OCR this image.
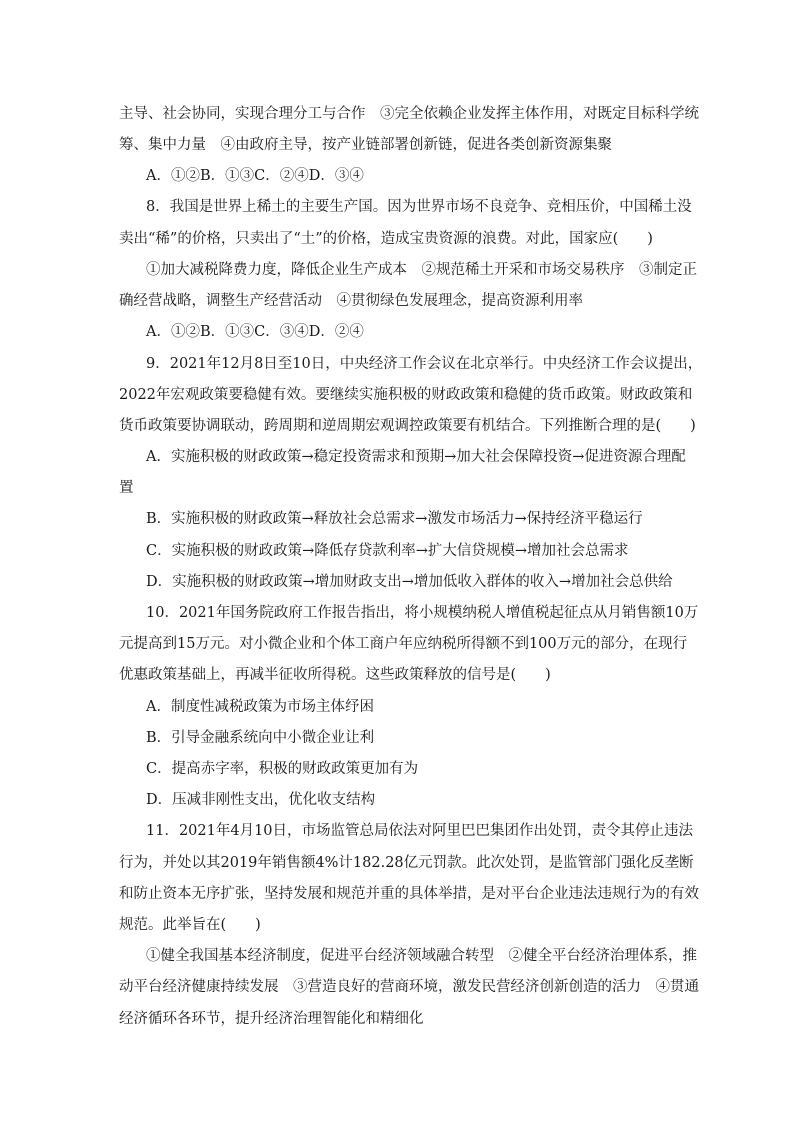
主导、社会协同，实现合理分工与合作　③完全依赖企业发挥主体作用，对既定目标科学统
筹、集中力量　④由政府主导，按产业链部署创新链，促进各类创新资源集聚
A．①②B．①③C．②④D．③④
8．我国是世界上稀土的主要生产国。因为世界市场不良竞争、竞相压价，中国稀土没
卖出“稀”的价格，只卖出了“土”的价格，造成宝贵资源的浪费。对此，国家应(　　)
①加大减税降费力度，降低企业生产成本　②规范稀土开采和市场交易秩序　③制定正
确经营战略，调整生产经营活动　④贯彻绿色发展理念，提高资源利用率
A．①②B．①③C．③④D．②④
9．2021年12月8日至10日，中央经济工作会议在北京举行。中央经济工作会议提出，
2022年宏观政策要稳健有效。要继续实施积极的财政政策和稳健的货币政策。财政政策和
货币政策要协调联动，跨周期和逆周期宏观调控政策要有机结合。下列推断合理的是(　　)
A．实施积极的财政政策→稳定投资需求和预期→加大社会保障投资→促进资源合理配
置
B．实施积极的财政政策→释放社会总需求→激发市场活力→保持经济平稳运行
C．实施积极的财政政策→降低存贷款利率→扩大信贷规模→增加社会总需求
D．实施积极的财政政策→增加财政支出→增加低收入群体的收入→增加社会总供给
10．2021年国务院政府工作报告指出，将小规模纳税人增值税起征点从月销售额10万
元提高到15万元。对小微企业和个体工商户年应纳税所得额不到100万元的部分，在现行
优惠政策基础上，再减半征收所得税。这些政策释放的信号是(　　)
A．制度性减税政策为市场主体纾困
B．引导金融系统向中小微企业让利
C．提高赤字率，积极的财政政策更加有为
D．压减非刚性支出，优化收支结构
11．2021年4月10日，市场监管总局依法对阿里巴巴集团作出处罚，责令其停止违法
行为，并处以其2019年销售额4%计182.28亿元罚款。此次处罚，是监管部门强化反垄断
和防止资本无序扩张，坚持发展和规范并重的具体举措，是对平台企业违法违规行为的有效
规范。此举旨在(　　)
①健全我国基本经济制度，促进平台经济领域融合转型　②健全平台经济治理体系，推
动平台经济健康持续发展　③营造良好的营商环境，激发民营经济创新创造的活力　④贯通
经济循环各环节，提升经济治理智能化和精细化
